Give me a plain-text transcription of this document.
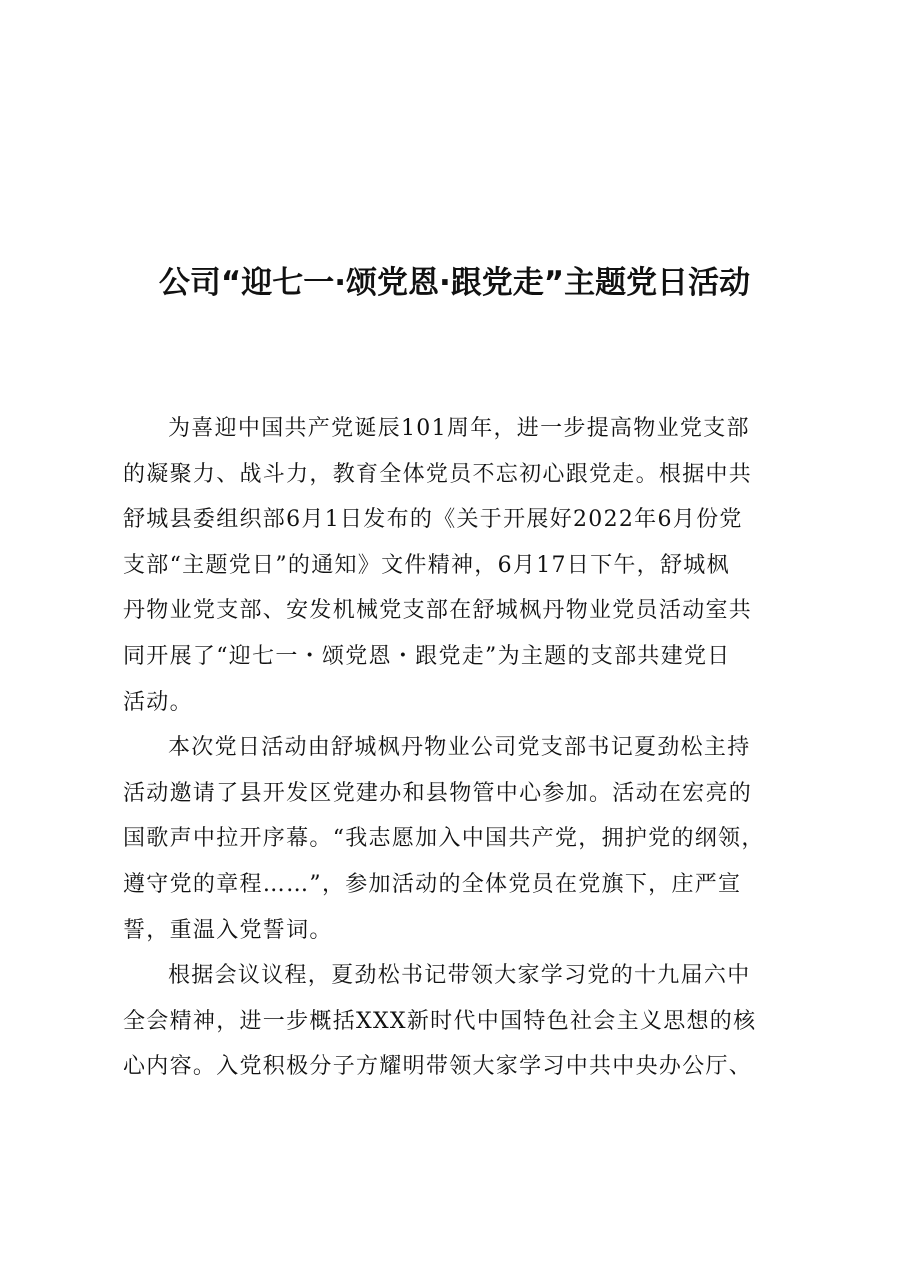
公司“迎七一·颂党恩·跟党走”主题党日活动

为喜迎中国共产党诞辰101周年，进一步提高物业党支部
的凝聚力、战斗力，教育全体党员不忘初心跟党走。根据中共
舒城县委组织部6月1日发布的《关于开展好2022年6月份党
支部“主题党日”的通知》文件精神，6月17日下午，舒城枫
丹物业党支部、安发机械党支部在舒城枫丹物业党员活动室共
同开展了“迎七一・颂党恩・跟党走”为主题的支部共建党日
活动。

本次党日活动由舒城枫丹物业公司党支部书记夏劲松主持
活动邀请了县开发区党建办和县物管中心参加。活动在宏亮的
国歌声中拉开序幕。“我志愿加入中国共产党，拥护党的纲领，
遵守党的章程……”，参加活动的全体党员在党旗下，庄严宣
誓，重温入党誓词。

根据会议议程，夏劲松书记带领大家学习党的十九届六中
全会精神，进一步概括XXX新时代中国特色社会主义思想的核
心内容。入党积极分子方耀明带领大家学习中共中央办公厅、
